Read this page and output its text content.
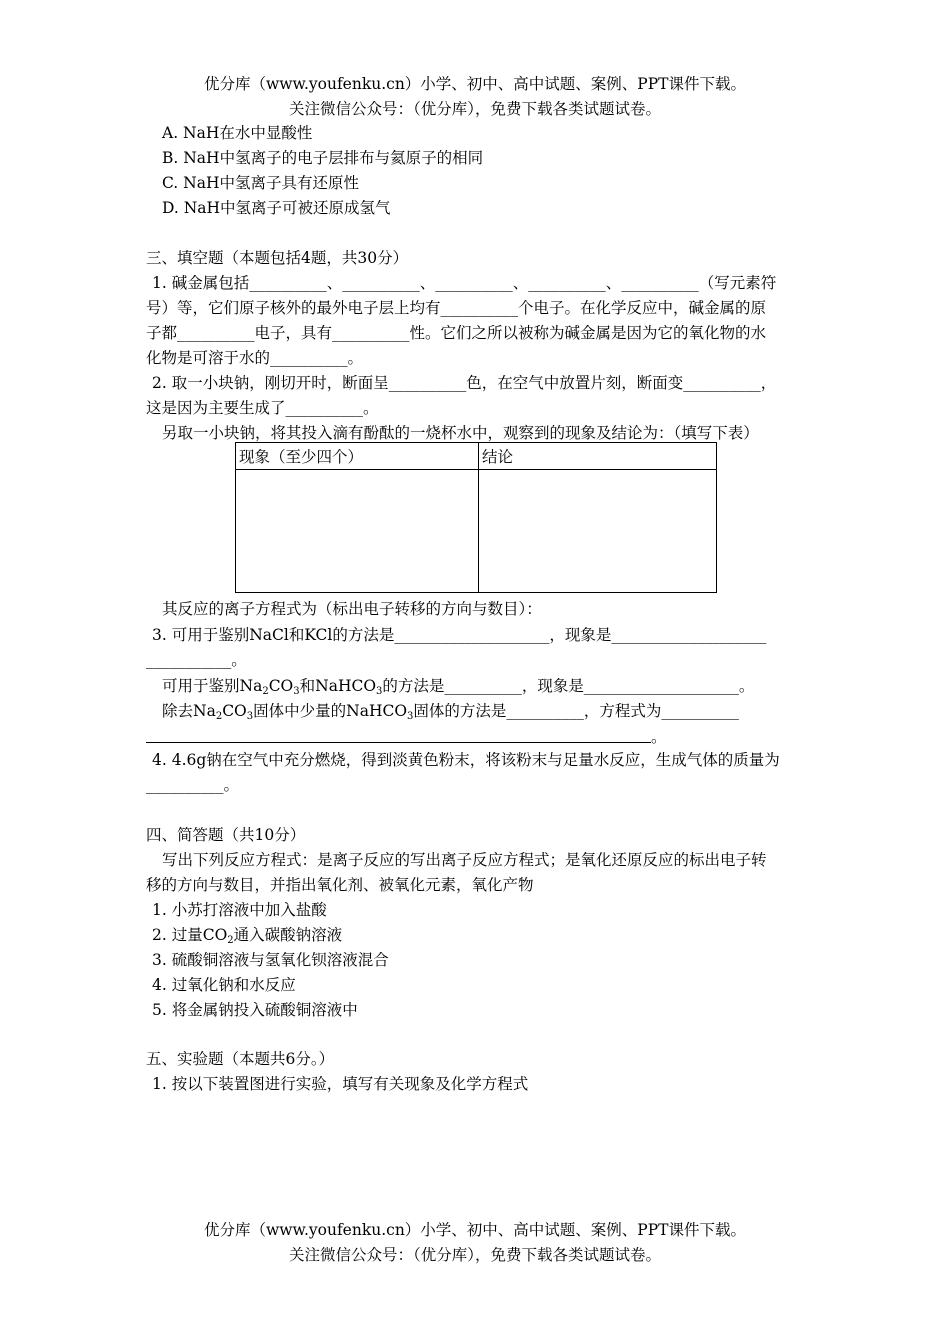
优分库（www.youfenku.cn）小学、初中、高中试题、案例、PPT课件下载。
关注微信公众号：（优分库），免费下载各类试题试卷。
A. NaH在水中显酸性
B. NaH中氢离子的电子层排布与氦原子的相同
C. NaH中氢离子具有还原性
D. NaH中氢离子可被还原成氢气
三、填空题（本题包括4题，共30分）
1. 碱金属包括__________、__________、__________、__________、__________（写元素符
号）等，它们原子核外的最外电子层上均有__________个电子。在化学反应中，碱金属的原
子都__________电子，具有__________性。它们之所以被称为碱金属是因为它的氧化物的水
化物是可溶于水的__________。
2. 取一小块钠，刚切开时，断面呈__________色，在空气中放置片刻，断面变__________，
这是因为主要生成了__________。
另取一小块钠，将其投入滴有酚酞的一烧杯水中，观察到的现象及结论为：（填写下表）
现象（至少四个）	结论

其反应的离子方程式为（标出电子转移的方向与数目）：
3. 可用于鉴别NaCl和KCl的方法是____________________，现象是____________________
___________。
可用于鉴别$Na_2CO_3$和NaHCO$_3$的方法是__________，现象是____________________。
除去$Na_2CO_3$固体中少量的NaHCO$_3$固体的方法是__________，方程式为__________
。
4. 4.6g钠在空气中充分燃烧，得到淡黄色粉末，将该粉末与足量水反应，生成气体的质量为
__________。
四、简答题（共10分）
写出下列反应方程式：是离子反应的写出离子反应方程式；是氧化还原反应的标出电子转
移的方向与数目，并指出氧化剂、被氧化元素，氧化产物
1. 小苏打溶液中加入盐酸
2. 过量$CO_2$通入碳酸钠溶液
3. 硫酸铜溶液与氢氧化钡溶液混合
4. 过氧化钠和水反应
5. 将金属钠投入硫酸铜溶液中
五、实验题（本题共6分。）
1. 按以下装置图进行实验，填写有关现象及化学方程式
优分库（www.youfenku.cn）小学、初中、高中试题、案例、PPT课件下载。
关注微信公众号：（优分库），免费下载各类试题试卷。
